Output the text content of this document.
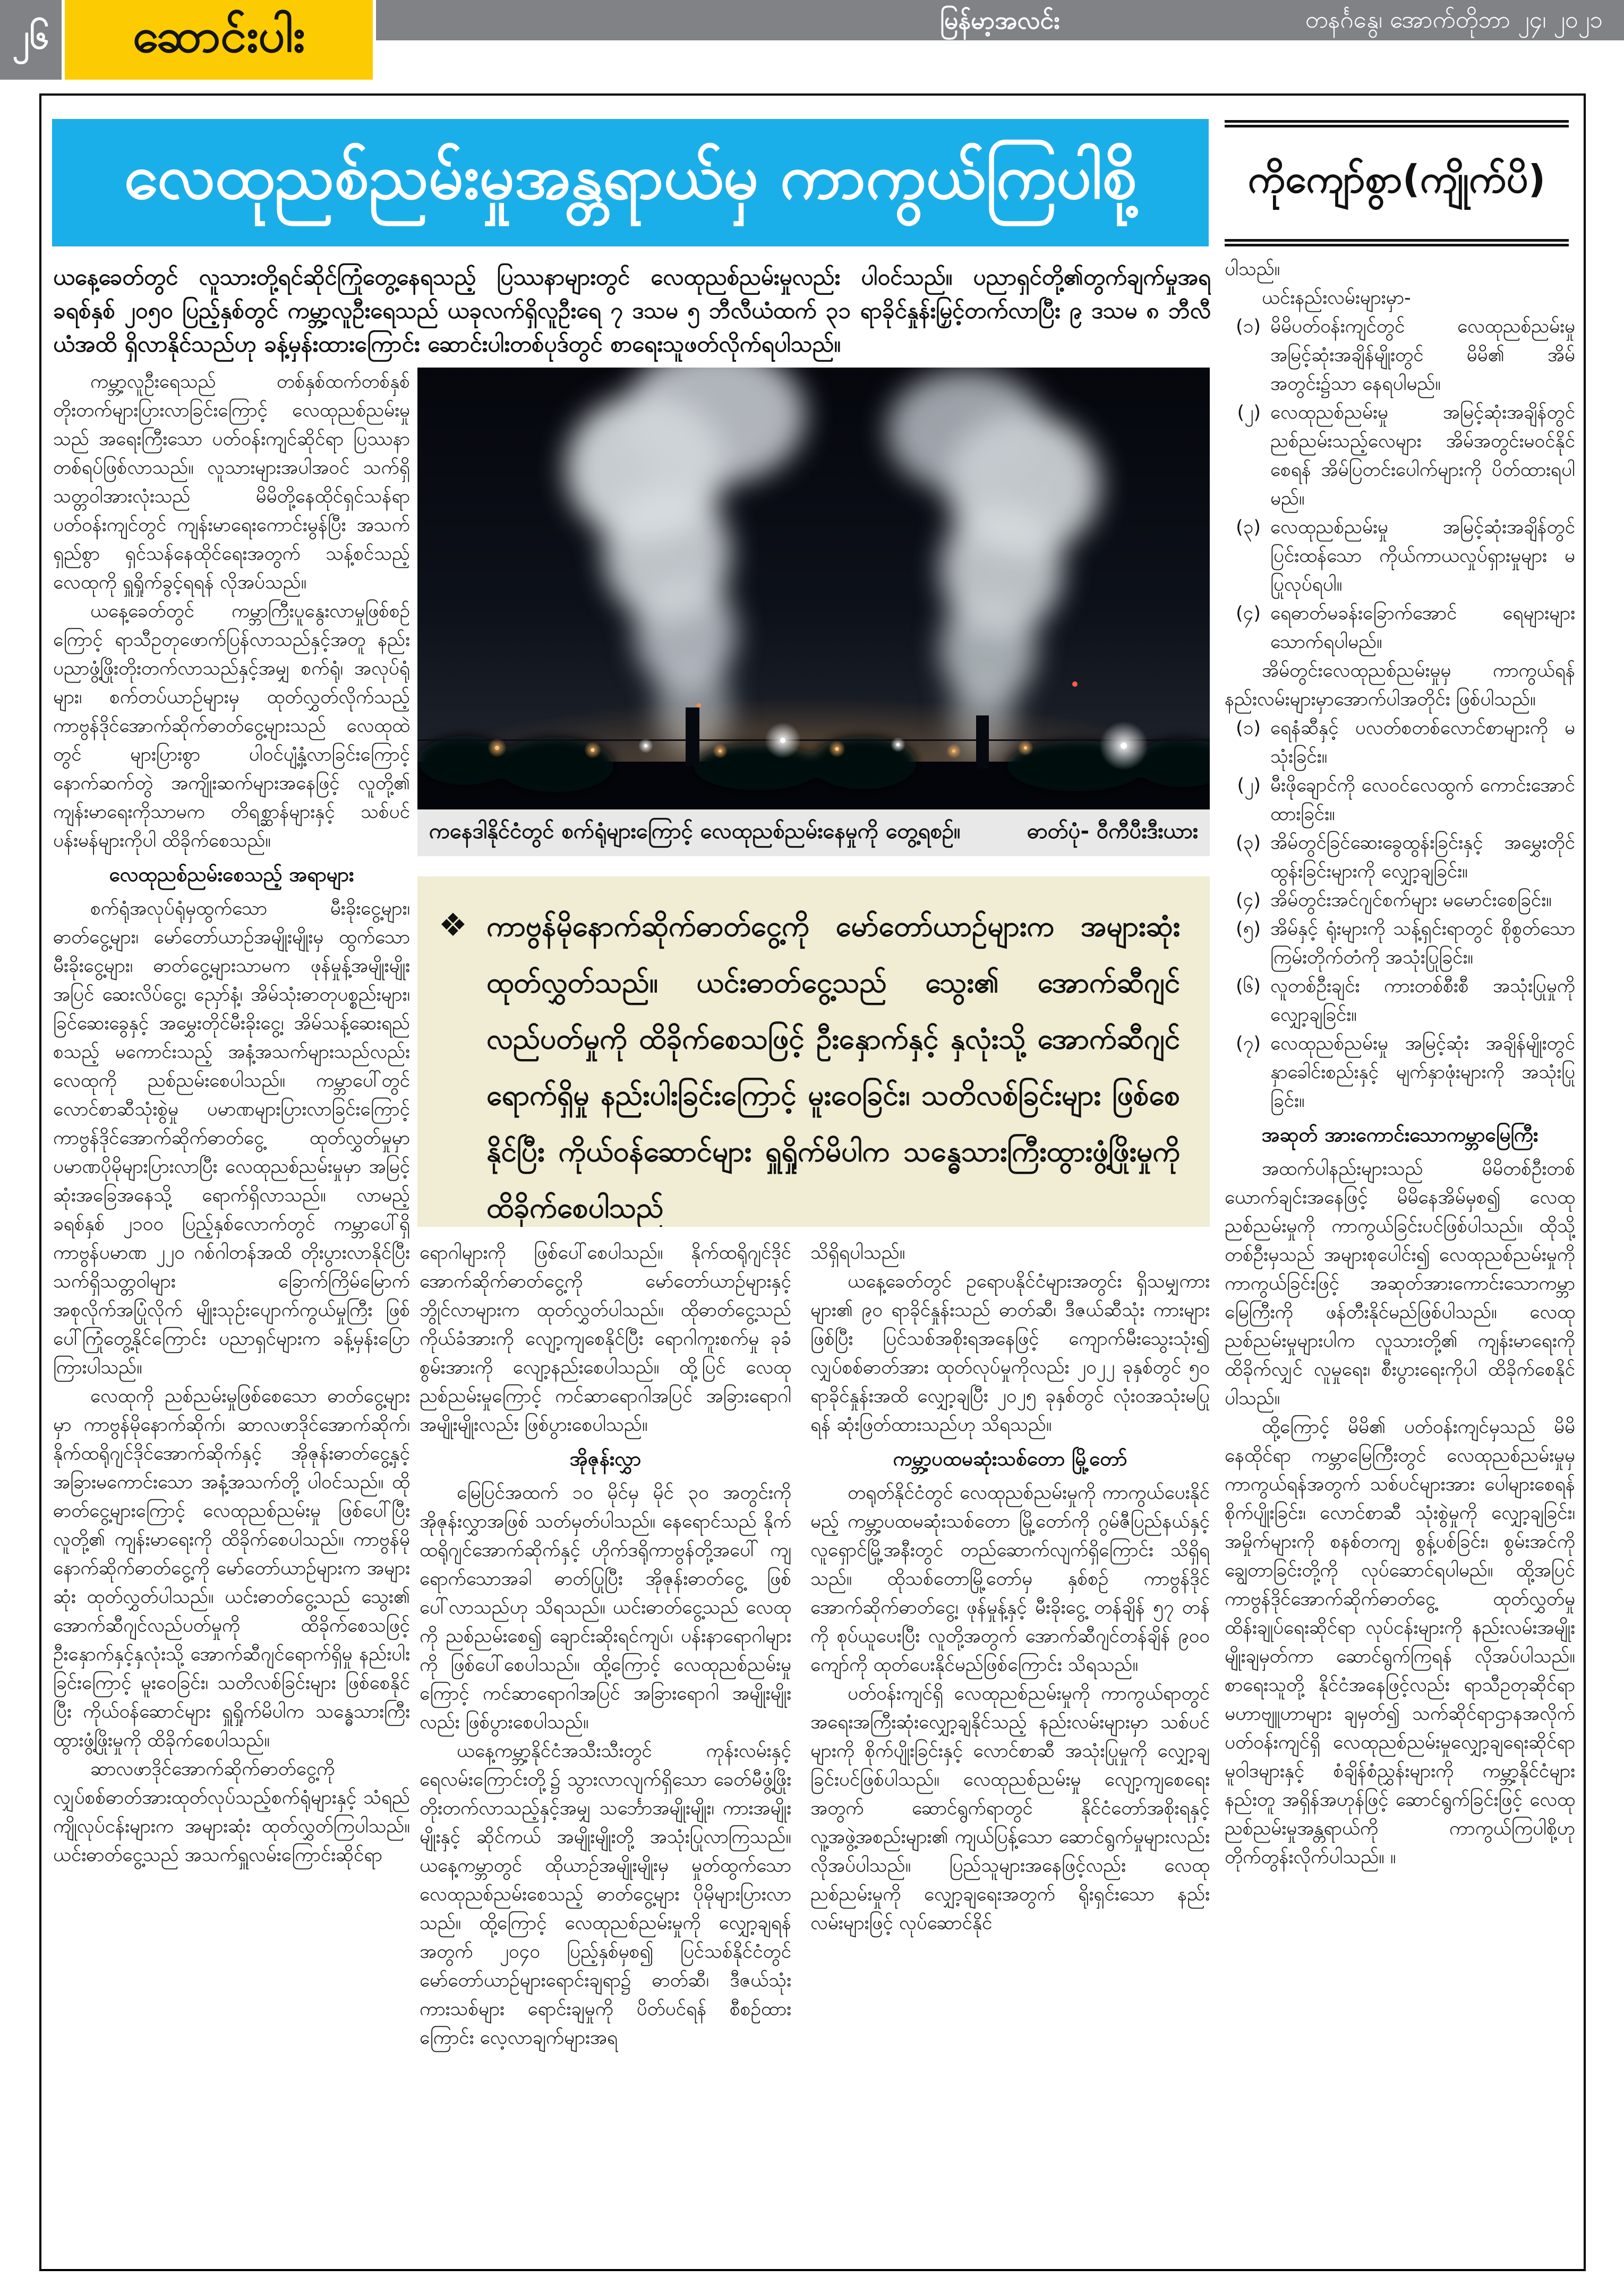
၂၆	ဆောင်းပါး	မြန်မာ့အလင်း	တနင်္ဂနွေ၊ အောက်တိုဘာ ၂၄၊ ၂၀၂၁
လေထုညစ်ညမ်းမှုအန္တရာယ်မှ ကာကွယ်ကြပါစို့	ကိုကျော်စွာ(ကျိုက်ပိ)
ယနေ့ခေတ်တွင် လူသားတို့ရင်ဆိုင်ကြုံတွေ့နေရသည့် ပြဿနာများတွင် လေထုညစ်ညမ်းမှုလည်း ပါဝင်သည်။ ပညာရှင်တို့၏တွက်ချက်မှုအရ ခရစ်နှစ် ၂၀၅၀ ပြည့်နှစ်တွင် ကမ္ဘာ့လူဦးရေသည် ယခုလက်ရှိလူဦးရေ ၇ ဒသမ ၅ ဘီလီယံထက် ၃၁ ရာခိုင်နှုန်းမြှင့်တက်လာပြီး ၉ ဒသမ ၈ ဘီလီယံအထိ ရှိလာနိုင်သည်ဟု ခန့်မှန်းထားကြောင်း ဆောင်းပါးတစ်ပုဒ်တွင် စာရေးသူဖတ်လိုက်ရပါသည်။
ကနေဒါနိုင်ငံတွင် စက်ရုံများကြောင့် လေထုညစ်ညမ်းနေမှုကို တွေ့ရစဉ်။	ဓာတ်ပုံ- ဝီကီပီးဒီးယား
❖ ကာဗွန်မိုနောက်ဆိုက်ဓာတ်ငွေ့ကို မော်တော်ယာဉ်များက အများဆုံး ထုတ်လွှတ်သည်။ ယင်းဓာတ်ငွေ့သည် သွေး၏ အောက်ဆီဂျင်လည်ပတ်မှုကို ထိခိုက်စေသဖြင့် ဦးနှောက်နှင့် နှလုံးသို့ အောက်ဆီဂျင်ရောက်ရှိမှု နည်းပါးခြင်းကြောင့် မူးဝေခြင်း၊ သတိလစ်ခြင်းများ ဖြစ်စေနိုင်ပြီး ကိုယ်ဝန်ဆောင်များ ရှူရှိုက်မိပါက သန္ဓေသားကြီးထွားဖွံ့ဖြိုးမှုကို ထိခိုက်စေပါသည်

ကမ္ဘာ့လူဦးရေသည် တစ်နှစ်ထက်တစ်နှစ် တိုးတက်များပြားလာခြင်းကြောင့် လေထုညစ်ညမ်းမှုသည် အရေးကြီးသော ပတ်ဝန်းကျင်ဆိုင်ရာ ပြဿနာတစ်ရပ်ဖြစ်လာသည်။ လူသားများအပါအဝင် သက်ရှိသတ္တဝါအားလုံးသည် မိမိတို့နေထိုင်ရှင်သန်ရာပတ်ဝန်းကျင်တွင် ကျန်းမာရေးကောင်းမွန်ပြီး အသက်ရှည်စွာ ရှင်သန်နေထိုင်ရေးအတွက် သန့်စင်သည့်လေထုကို ရှူရှိုက်ခွင့်ရရန် လိုအပ်သည်။

ယနေ့ခေတ်တွင် ကမ္ဘာကြီးပူနွေးလာမှုဖြစ်စဉ်ကြောင့် ရာသီဥတုဖောက်ပြန်လာသည်နှင့်အတူ နည်းပညာဖွံ့ဖြိုးတိုးတက်လာသည်နှင့်အမျှ စက်ရုံ၊ အလုပ်ရုံများ၊ စက်တပ်ယာဉ်များမှ ထုတ်လွှတ်လိုက်သည့် ကာဗွန်ဒိုင်အောက်ဆိုက်ဓာတ်ငွေ့များသည် လေထုထဲတွင် များပြားစွာ ပါဝင်ပျံ့နှံ့လာခြင်းကြောင့် နောက်ဆက်တွဲ အကျိုးဆက်များအနေဖြင့် လူတို့၏ ကျန်းမာရေးကိုသာမက တိရစ္ဆာန်များနှင့် သစ်ပင်ပန်းမန်များကိုပါ ထိခိုက်စေသည်။

လေထုညစ်ညမ်းစေသည့် အရာများ

စက်ရုံအလုပ်ရုံမှထွက်သော မီးခိုးငွေ့များ၊ ဓာတ်ငွေ့များ၊ မော်တော်ယာဉ်အမျိုးမျိုးမှ ထွက်သော မီးခိုးငွေ့များ၊ ဓာတ်ငွေ့များသာမက ဖုန်မှုန့်အမျိုးမျိုးအပြင် ဆေးလိပ်ငွေ့၊ ညှော်နံ့၊ အိမ်သုံးဓာတုပစ္စည်းများ၊ ခြင်ဆေးခွေနှင့် အမွှေးတိုင်မီးခိုးငွေ့၊ အိမ်သန့်ဆေးရည် စသည့် မကောင်းသည့် အနံ့အသက်များသည်လည်း လေထုကို ညစ်ညမ်းစေပါသည်။ ကမ္ဘာပေါ်တွင် လောင်စာဆီသုံးစွဲမှု ပမာဏများပြားလာခြင်းကြောင့် ကာဗွန်ဒိုင်အောက်ဆိုက်ဓာတ်ငွေ့ ထုတ်လွှတ်မှုမှာ ပမာဏပိုမိုများပြားလာပြီး လေထုညစ်ညမ်းမှုမှာ အမြင့်ဆုံးအခြေအနေသို့ ရောက်ရှိလာသည်။ လာမည့် ခရစ်နှစ် ၂၁၀၀ ပြည့်နှစ်လောက်တွင် ကမ္ဘာပေါ်ရှိ ကာဗွန်ပမာဏ ၂၂၀ ဂစ်ဂါတန်အထိ တိုးပွားလာနိုင်ပြီး သက်ရှိသတ္တဝါများ ခြောက်ကြိမ်မြောက် အစုလိုက်အပြုံလိုက် မျိုးသုဉ်းပျောက်ကွယ်မှုကြီး ဖြစ်ပေါ်ကြုံတွေ့နိုင်ကြောင်း ပညာရှင်များက ခန့်မှန်းပြောကြားပါသည်။

လေထုကို ညစ်ညမ်းမှုဖြစ်စေသော ဓာတ်ငွေ့များမှာ ကာဗွန်မိုနောက်ဆိုက်၊ ဆာလဖာဒိုင်အောက်ဆိုက်၊ နိုက်ထရိုဂျင်ဒိုင်အောက်ဆိုက်နှင့် အိုဇုန်းဓာတ်ငွေ့နှင့် အခြားမကောင်းသော အနံ့အသက်တို့ ပါဝင်သည်။ ထိုဓာတ်ငွေ့များကြောင့် လေထုညစ်ညမ်းမှု ဖြစ်ပေါ်ပြီး လူတို့၏ ကျန်းမာရေးကို ထိခိုက်စေပါသည်။ ကာဗွန်မိုနောက်ဆိုက်ဓာတ်ငွေ့ကို မော်တော်ယာဉ်များက အများဆုံး ထုတ်လွှတ်ပါသည်။ ယင်းဓာတ်ငွေ့သည် သွေး၏ အောက်ဆီဂျင်လည်ပတ်မှုကို ထိခိုက်စေသဖြင့် ဦးနှောက်နှင့်နှလုံးသို့ အောက်ဆီဂျင်ရောက်ရှိမှု နည်းပါးခြင်းကြောင့် မူးဝေခြင်း၊ သတိလစ်ခြင်းများ ဖြစ်စေနိုင်ပြီး ကိုယ်ဝန်ဆောင်များ ရှူရှိုက်မိပါက သန္ဓေသားကြီးထွားဖွံ့ဖြိုးမှုကို ထိခိုက်စေပါသည်။

ဆာလဖာဒိုင်အောက်ဆိုက်ဓာတ်ငွေ့ကို လျှပ်စစ်ဓာတ်အားထုတ်လုပ်သည့်စက်ရုံများနှင့် သံရည်ကျိုလုပ်ငန်းများက အများဆုံး ထုတ်လွှတ်ကြပါသည်။ ယင်းဓာတ်ငွေ့သည် အသက်ရှူလမ်းကြောင်းဆိုင်ရာ

ရောဂါများကို ဖြစ်ပေါ်စေပါသည်။ နိုက်ထရိုဂျင်ဒိုင်အောက်ဆိုက်ဓာတ်ငွေ့ကို မော်တော်ယာဉ်များနှင့် ဘွိုင်လာများက ထုတ်လွှတ်ပါသည်။ ထိုဓာတ်ငွေ့သည် ကိုယ်ခံအားကို လျော့ကျစေနိုင်ပြီး ရောဂါကူးစက်မှု ခုခံစွမ်းအားကို လျော့နည်းစေပါသည်။ ထို့ပြင် လေထုညစ်ညမ်းမှုကြောင့် ကင်ဆာရောဂါအပြင် အခြားရောဂါ အမျိုးမျိုးလည်း ဖြစ်ပွားစေပါသည်။

အိုဇုန်းလွှာ

မြေပြင်အထက် ၁၀ မိုင်မှ မိုင် ၃၀ အတွင်းကို အိုဇုန်းလွှာအဖြစ် သတ်မှတ်ပါသည်။ နေရောင်သည် နိုက်ထရိုဂျင်အောက်ဆိုက်နှင့် ဟိုက်ဒရိုကာဗွန်တို့အပေါ် ကျရောက်သောအခါ ဓာတ်ပြုပြီး အိုဇုန်းဓာတ်ငွေ့ ဖြစ်ပေါ်လာသည်ဟု သိရသည်။ ယင်းဓာတ်ငွေ့သည် လေထုကို ညစ်ညမ်းစေ၍ ချောင်းဆိုးရင်ကျပ်၊ ပန်းနာရောဂါများကို ဖြစ်ပေါ်စေပါသည်။ ထို့ကြောင့် လေထုညစ်ညမ်းမှုကြောင့် ကင်ဆာရောဂါအပြင် အခြားရောဂါ အမျိုးမျိုးလည်း ဖြစ်ပွားစေပါသည်။

ယနေ့ကမ္ဘာ့နိုင်ငံအသီးသီးတွင် ကုန်းလမ်းနှင့် ရေလမ်းကြောင်းတို့၌ သွားလာလျက်ရှိသော ခေတ်မီဖွံ့ဖြိုးတိုးတက်လာသည့်နှင့်အမျှ သင်္ဘောအမျိုးမျိုး၊ ကားအမျိုးမျိုးနှင့် ဆိုင်ကယ် အမျိုးမျိုးတို့ အသုံးပြုလာကြသည်။ ယနေ့ကမ္ဘာတွင် ထိုယာဉ်အမျိုးမျိုးမှ မှုတ်ထွက်သော လေထုညစ်ညမ်းစေသည့် ဓာတ်ငွေ့များ ပိုမိုများပြားလာသည်။ ထို့ကြောင့် လေထုညစ်ညမ်းမှုကို လျှော့ချရန်အတွက် ၂၀၄၀ ပြည့်နှစ်မှစ၍ ပြင်သစ်နိုင်ငံတွင် မော်တော်ယာဉ်များရောင်းချရာ၌ ဓာတ်ဆီ၊ ဒီဇယ်သုံးကားသစ်များ ရောင်းချမှုကို ပိတ်ပင်ရန် စီစဉ်ထားကြောင်း လေ့လာချက်များအရ

သိရှိရပါသည်။

ယနေ့ခေတ်တွင် ဥရောပနိုင်ငံများအတွင်း ရှိသမျှကားများ၏ ၉၀ ရာခိုင်နှုန်းသည် ဓာတ်ဆီ၊ ဒီဇယ်ဆီသုံး ကားများဖြစ်ပြီး ပြင်သစ်အစိုးရအနေဖြင့် ကျောက်မီးသွေးသုံး၍ လျှပ်စစ်ဓာတ်အား ထုတ်လုပ်မှုကိုလည်း ၂၀၂၂ ခုနှစ်တွင် ၅၀ ရာခိုင်နှုန်းအထိ လျှော့ချပြီး ၂၀၂၅ ခုနှစ်တွင် လုံးဝအသုံးမပြုရန် ဆုံးဖြတ်ထားသည်ဟု သိရသည်။

ကမ္ဘာ့ပထမဆုံးသစ်တော မြို့တော်

တရုတ်နိုင်ငံတွင် လေထုညစ်ညမ်းမှုကို ကာကွယ်ပေးနိုင်မည့် ကမ္ဘာ့ပထမဆုံးသစ်တော မြို့တော်ကို ဂွမ်ဇီပြည်နယ်နှင့် လူရှောင်မြို့အနီးတွင် တည်ဆောက်လျက်ရှိကြောင်း သိရှိရသည်။ ထိုသစ်တောမြို့တော်မှ နှစ်စဉ် ကာဗွန်ဒိုင်အောက်ဆိုက်ဓာတ်ငွေ့၊ ဖုန်မှုန့်နှင့် မီးခိုးငွေ့ တန်ချိန် ၅၇ တန်ကို စုပ်ယူပေးပြီး လူတို့အတွက် အောက်ဆီဂျင်တန်ချိန် ၉၀၀ ကျော်ကို ထုတ်ပေးနိုင်မည်ဖြစ်ကြောင်း သိရသည်။

ပတ်ဝန်းကျင်ရှိ လေထုညစ်ညမ်းမှုကို ကာကွယ်ရာတွင် အရေးအကြီးဆုံးလျှော့ချနိုင်သည့် နည်းလမ်းများမှာ သစ်ပင်များကို စိုက်ပျိုးခြင်းနှင့် လောင်စာဆီ အသုံးပြုမှုကို လျှော့ချခြင်းပင်ဖြစ်ပါသည်။ လေထုညစ်ညမ်းမှု လျော့ကျစေရေးအတွက် ဆောင်ရွက်ရာတွင် နိုင်ငံတော်အစိုးရနှင့် လူ့အဖွဲ့အစည်းများ၏ ကျယ်ပြန့်သော ဆောင်ရွက်မှုများလည်း လိုအပ်ပါသည်။ ပြည်သူများအနေဖြင့်လည်း လေထုညစ်ညမ်းမှုကို လျှော့ချရေးအတွက် ရိုးရှင်းသော နည်းလမ်းများဖြင့် လုပ်ဆောင်နိုင်

ပါသည်။

ယင်းနည်းလမ်းများမှာ-

(၁) မိမိပတ်ဝန်းကျင်တွင် လေထုညစ်ညမ်းမှု အမြင့်ဆုံးအချိန်မျိုးတွင် မိမိ၏ အိမ်အတွင်း၌သာ နေရပါမည်။
(၂) လေထုညစ်ညမ်းမှု အမြင့်ဆုံးအချိန်တွင် ညစ်ညမ်းသည့်လေများ အိမ်အတွင်းမဝင်နိုင်စေရန် အိမ်ပြတင်းပေါက်များကို ပိတ်ထားရပါမည်။
(၃) လေထုညစ်ညမ်းမှု အမြင့်ဆုံးအချိန်တွင် ပြင်းထန်သော ကိုယ်ကာယလှုပ်ရှားမှုများ မပြုလုပ်ရပါ။
(၄) ရေဓာတ်မခန်းခြောက်အောင် ရေများများ သောက်ရပါမည်။

အိမ်တွင်းလေထုညစ်ညမ်းမှုမှ ကာကွယ်ရန် နည်းလမ်းများမှာအောက်ပါအတိုင်း ဖြစ်ပါသည်။

(၁) ရေနံဆီနှင့် ပလတ်စတစ်လောင်စာများကို မသုံးခြင်း။
(၂) မီးဖိုချောင်ကို လေဝင်လေထွက် ကောင်းအောင်ထားခြင်း။
(၃) အိမ်တွင်ခြင်ဆေးခွေထွန်းခြင်းနှင့် အမွှေးတိုင် ထွန်းခြင်းများကို လျှော့ချခြင်း။
(၄) အိမ်တွင်းအင်ဂျင်စက်များ မမောင်းစေခြင်း။
(၅) အိမ်နှင့် ရုံးများကို သန့်ရှင်းရာတွင် စိုစွတ်သော ကြမ်းတိုက်တံကို အသုံးပြုခြင်း။
(၆) လူတစ်ဦးချင်း ကားတစ်စီးစီ အသုံးပြုမှုကို လျှော့ချခြင်း။
(၇) လေထုညစ်ညမ်းမှု အမြင့်ဆုံး အချိန်မျိုးတွင် နှာခေါင်းစည်းနှင့် မျက်နှာဖုံးများကို အသုံးပြုခြင်း။
အဆုတ် အားကောင်းသောကမ္ဘာမြေကြီး

အထက်ပါနည်းများသည် မိမိတစ်ဦးတစ်ယောက်ချင်းအနေဖြင့် မိမိနေအိမ်မှစ၍ လေထုညစ်ညမ်းမှုကို ကာကွယ်ခြင်းပင်ဖြစ်ပါသည်။ ထိုသို့ တစ်ဦးမှသည် အများစုပေါင်း၍ လေထုညစ်ညမ်းမှုကို ကာကွယ်ခြင်းဖြင့် အဆုတ်အားကောင်းသောကမ္ဘာမြေကြီးကို ဖန်တီးနိုင်မည်ဖြစ်ပါသည်။ လေထုညစ်ညမ်းမှုများပါက လူသားတို့၏ ကျန်းမာရေးကို ထိခိုက်လျှင် လူမှုရေး၊ စီးပွားရေးကိုပါ ထိခိုက်စေနိုင်ပါသည်။

ထို့ကြောင့် မိမိ၏ ပတ်ဝန်းကျင်မှသည် မိမိနေထိုင်ရာ ကမ္ဘာမြေကြီးတွင် လေထုညစ်ညမ်းမှုမှ ကာကွယ်ရန်အတွက် သစ်ပင်များအား ပေါများစေရန် စိုက်ပျိုးခြင်း၊ လောင်စာဆီ သုံးစွဲမှုကို လျှော့ချခြင်း၊ အမှိုက်များကို စနစ်တကျ စွန့်ပစ်ခြင်း၊ စွမ်းအင်ကို ချွေတာခြင်းတို့ကို လုပ်ဆောင်ရပါမည်။ ထို့အပြင် ကာဗွန်ဒိုင်အောက်ဆိုက်ဓာတ်ငွေ့ ထုတ်လွှတ်မှု ထိန်းချုပ်ရေးဆိုင်ရာ လုပ်ငန်းများကို နည်းလမ်းအမျိုးမျိုးချမှတ်ကာ ဆောင်ရွက်ကြရန် လိုအပ်ပါသည်။ စာရေးသူတို့ နိုင်ငံအနေဖြင့်လည်း ရာသီဥတုဆိုင်ရာ မဟာဗျူဟာများ ချမှတ်၍ သက်ဆိုင်ရာဌာနအလိုက် ပတ်ဝန်းကျင်ရှိ လေထုညစ်ညမ်းမှုလျှော့ချရေးဆိုင်ရာ မူဝါဒများနှင့် စံချိန်စံညွှန်းများကို ကမ္ဘာ့နိုင်ငံများနည်းတူ အရှိန်အဟုန်ဖြင့် ဆောင်ရွက်ခြင်းဖြင့် လေထုညစ်ညမ်းမှုအန္တရာယ်ကို ကာကွယ်ကြပါစို့ဟု တိုက်တွန်းလိုက်ပါသည်။ ။
